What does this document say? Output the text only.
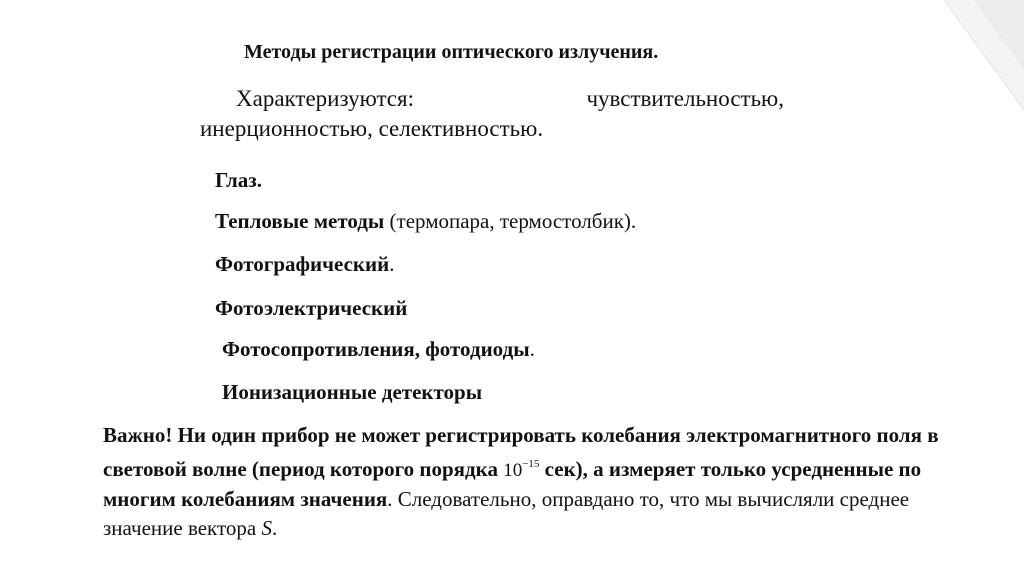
Методы регистрации оптического излучения.
Характеризуются:	чувствительностью,
инерционностью, селективностью.
Глаз.
Тепловые методы (термопара, термостолбик).
Фотографический.
Фотоэлектрический
Фотосопротивления, фотодиоды.
Ионизационные детекторы
Важно! Ни один прибор не может регистрировать колебания электромагнитного поля в световой волне (период которого порядка $10^{-15}$ сек), а измеряет только усредненные по многим колебаниям значения. Следовательно, оправдано то, что мы вычисляли среднее значение вектора S.
